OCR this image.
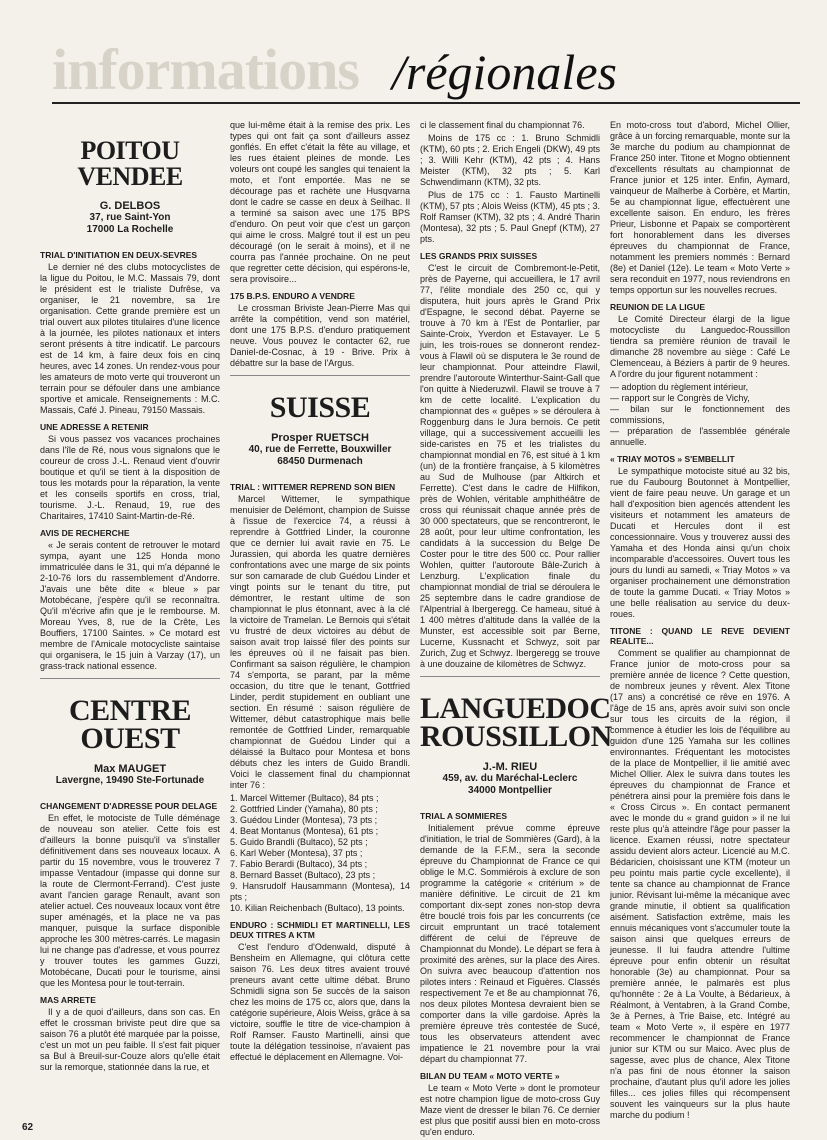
informations /régionales
POITOU
VENDEE
G. DELBOS
37, rue Saint-Yon
17000 La Rochelle
TRIAL D'INITIATION EN DEUX-SEVRES

Le dernier né des clubs motocyclistes de la ligue du Poitou, le M.C. Massais 79, dont le président est le trialiste Dufrêse, va organiser, le 21 novembre, sa 1re organisation. Cette grande première est un trial ouvert aux pilotes titulaires d'une licence à la journée, les pilotes nationaux et inters seront présents à titre indicatif. Le parcours est de 14 km, à faire deux fois en cinq heures, avec 14 zones. Un rendez-vous pour les amateurs de moto verte qui trouveront un terrain pour se défouler dans une ambiance sportive et amicale. Renseignements : M.C. Massais, Café J. Pineau, 79150 Massais.

UNE ADRESSE A RETENIR

Si vous passez vos vacances prochaines dans l'île de Ré, nous vous signalons que le coureur de cross J.-L. Renaud vient d'ouvrir boutique et qu'il se tient à la disposition de tous les motards pour la réparation, la vente et les conseils sportifs en cross, trial, tourisme. J.-L. Renaud, 19, rue des Charitaires, 17410 Saint-Martin-de-Ré.

AVIS DE RECHERCHE

« Je serais content de retrouver le motard sympa, ayant une 125 Honda mono immatriculée dans le 31, qui m'a dépanné le 2-10-76 lors du rassemblement d'Andorre. J'avais une bête dite « bleue » par Motobécane, j'espère qu'il se reconnaîtra. Qu'il m'écrive afin que je le rembourse. M. Moreau Yves, 8, rue de la Crête, Les Bouffiers, 17100 Saintes. » Ce motard est membre de l'Amicale motocycliste saintaise qui organisera, le 15 juin à Varzay (17), un grass-track national essence.

CENTRE
OUEST
Max MAUGET
Lavergne, 19490 Ste-Fortunade
CHANGEMENT D'ADRESSE POUR DELAGE

En effet, le motociste de Tulle déménage de nouveau son atelier. Cette fois est d'ailleurs la bonne puisqu'il va s'installer définitivement dans ses nouveaux locaux. A partir du 15 novembre, vous le trouverez 7 impasse Ventadour (impasse qui donne sur la route de Clermont-Ferrand). C'est juste avant l'ancien garage Renault, avant son atelier actuel. Ces nouveaux locaux vont être super aménagés, et la place ne va pas manquer, puisque la surface disponible approche les 300 mètres-carrés. Le magasin lui ne change pas d'adresse, et vous pourrez y trouver toutes les gammes Guzzi, Motobécane, Ducati pour le tourisme, ainsi que les Montesa pour le tout-terrain.

MAS ARRETE

Il y a de quoi d'ailleurs, dans son cas. En effet le crossman briviste peut dire que sa saison 76 a plutôt été marquée par la poisse, c'est un mot un peu faible. Il s'est fait piquer sa Bul à Breuil-sur-Couze alors qu'elle était sur la remorque, stationnée dans la rue, et

que lui-même était à la remise des prix. Les types qui ont fait ça sont d'ailleurs assez gonflés. En effet c'était la fête au village, et les rues étaient pleines de monde. Les voleurs ont coupé les sangles qui tenaient la moto, et l'ont emportée. Mas ne se décourage pas et rachète une Husqvarna dont le cadre se casse en deux à Seilhac. Il a terminé sa saison avec une 175 BPS d'enduro. On peut voir que c'est un garçon qui aime le cross. Malgré tout il est un peu découragé (on le serait à moins), et il ne courra pas l'année prochaine. On ne peut que regretter cette décision, qui espérons-le, sera provisoire...

175 B.P.S. ENDURO A VENDRE

Le crossman Briviste Jean-Pierre Mas qui arrête la compétition, vend son matériel, dont une 175 B.P.S. d'enduro pratiquement neuve. Vous pouvez le contacter 62, rue Daniel-de-Cosnac, à 19 - Brive. Prix à débattre sur la base de l'Argus.

SUISSE
Prosper RUETSCH
40, rue de Ferrette, Bouxwiller
68450 Durmenach
TRIAL : WITTEMER REPREND SON BIEN

Marcel Wittemer, le sympathique menuisier de Delémont, champion de Suisse à l'issue de l'exercice 74, a réussi à reprendre à Gottfried Linder, la couronne que ce dernier lui avait ravie en 75. Le Jurassien, qui aborda les quatre dernières confrontations avec une marge de six points sur son camarade de club Guédou Linder et vingt points sur le tenant du titre, put démontrer, le restant ultime de son championnat le plus étonnant, avec à la clé la victoire de Tramelan. Le Bernois qui s'était vu frustré de deux victoires au début de saison avait trop laissé filer des points sur les épreuves où il ne faisait pas bien. Confirmant sa saison régulière, le champion 74 s'emporta, se parant, par la même occasion, du titre que le tenant, Gottfried Linder, perdit stupidement en oubliant une section. En résumé : saison régulière de Wittemer, début catastrophique mais belle remontée de Gottfried Linder, remarquable championnat de Guédou Linder qui a délaissé la Bultaco pour Montesa et bons débuts chez les inters de Guido Brandli. Voici le classement final du championnat inter 76 :

1. Marcel Wittemer (Bultaco), 84 pts ;
2. Gottfried Linder (Yamaha), 80 pts ;
3. Guédou Linder (Montesa), 73 pts ;
4. Beat Montanus (Montesa), 61 pts ;
5. Guido Brandli (Bultaco), 52 pts ;
6. Karl Weber (Montesa), 37 pts ;
7. Fabio Berardi (Bultaco), 34 pts ;
8. Bernard Basset (Bultaco), 23 pts ;
9. Hansrudolf Hausammann (Montesa), 14 pts ;
10. Kilian Reichenbach (Bultaco), 13 points.
ENDURO : SCHMIDLI ET MARTINELLI, LES DEUX TITRES A KTM

C'est l'enduro d'Odenwald, disputé à Bensheim en Allemagne, qui clôtura cette saison 76. Les deux titres avaient trouvé preneurs avant cette ultime débat. Bruno Schmidli signa son 5e succès de la saison chez les moins de 175 cc, alors que, dans la catégorie supérieure, Alois Weiss, grâce à sa victoire, souffle le titre de vice-champion à Rolf Ramser. Fausto Martinelli, ainsi que toute la délégation tessinoise, n'avaient pas effectué le déplacement en Allemagne. Voi-

ci le classement final du championnat 76.

Moins de 175 cc : 1. Bruno Schmidli (KTM), 60 pts ; 2. Erich Engeli (DKW), 49 pts ; 3. Willi Kehr (KTM), 42 pts ; 4. Hans Meister (KTM), 32 pts ; 5. Karl Schwendimann (KTM), 32 pts.

Plus de 175 cc : 1. Fausto Martinelli (KTM), 57 pts ; Alois Weiss (KTM), 45 pts ; 3. Rolf Ramser (KTM), 32 pts ; 4. André Tharin (Montesa), 32 pts ; 5. Paul Gnepf (KTM), 27 pts.

LES GRANDS PRIX SUISSES

C'est le circuit de Combremont-le-Petit, près de Payerne, qui accueillera, le 17 avril 77, l'élite mondiale des 250 cc, qui y disputera, huit jours après le Grand Prix d'Espagne, le second débat. Payerne se trouve à 70 km à l'Est de Pontarlier, par Sainte-Croix, Yverdon et Estavayer. Le 5 juin, les trois-roues se donneront rendez-vous à Flawil où se disputera le 3e round de leur championnat. Pour atteindre Flawil, prendre l'autoroute Winterthur-Saint-Gall que l'on quitte à Niederuzwil. Flawil se trouve à 7 km de cette localité. L'explication du championnat des « guêpes » se déroulera à Roggenburg dans le Jura bernois. Ce petit village, qui a successivement accueilli les side-caristes en 75 et les trialistes du championnat mondial en 76, est situé à 1 km (un) de la frontière française, à 5 kilomètres au Sud de Mulhouse (par Altkirch et Ferrette). C'est dans le cadre de Hilfikon, près de Wohlen, véritable amphithéâtre de cross qui réunissait chaque année près de 30 000 spectateurs, que se rencontreront, le 28 août, pour leur ultime confrontation, les candidats à la succession du Belge De Coster pour le titre des 500 cc. Pour rallier Wohlen, quitter l'autoroute Bâle-Zurich à Lenzburg. L'explication finale du championnat mondial de trial se déroulera le 25 septembre dans le cadre grandiose de l'Alpentrial à Ibergeregg. Ce hameau, situé à 1 400 mètres d'altitude dans la vallée de la Munster, est accessible soit par Berne, Lucerne, Kussnacht et Schwyz, soit par Zurich, Zug et Schwyz. Ibergeregg se trouve à une douzaine de kilomètres de Schwyz.

LANGUEDOC
ROUSSILLON
J.-M. RIEU
459, av. du Maréchal-Leclerc
34000 Montpellier
TRIAL A SOMMIERES

Initialement prévue comme épreuve d'initiation, le trial de Sommières (Gard), à la demande de la F.F.M., sera la seconde épreuve du Championnat de France ce qui oblige le M.C. Sommiérois à exclure de son programme la catégorie « critérium » de manière définitive. Le circuit de 21 km comportant dix-sept zones non-stop devra être bouclé trois fois par les concurrents (ce circuit empruntant un tracé totalement différent de celui de l'épreuve de Championnat du Monde). Le départ se fera à proximité des arènes, sur la place des Aires. On suivra avec beaucoup d'attention nos pilotes inters : Reinaud et Figuères. Classés respectivement 7e et 8e au championnat 76, nos deux pilotes Montesa devraient bien se comporter dans la ville gardoise. Après la première épreuve très contestée de Sucé, tous les observateurs attendent avec impatience le 21 novembre pour la vrai départ du championnat 77.

BILAN DU TEAM « MOTO VERTE »

Le team « Moto Verte » dont le promoteur est notre champion ligue de moto-cross Guy Maze vient de dresser le bilan 76. Ce dernier est plus que positif aussi bien en moto-cross qu'en enduro.

En moto-cross tout d'abord, Michel Ollier, grâce à un forcing remarquable, monte sur la 3e marche du podium au championnat de France 250 inter. Titone et Mogno obtiennent d'excellents résultats au championnat de France junior et 125 inter. Enfin, Aymard, vainqueur de Malherbe à Corbère, et Martin, 5e au championnat ligue, effectuèrent une excellente saison. En enduro, les frères Prieur, Lisbonne et Papaix se comportèrent fort honorablement dans les diverses épreuves du championnat de France, notamment les premiers nommés : Bernard (8e) et Daniel (12e). Le team « Moto Verte » sera reconduit en 1977, nous reviendrons en temps opportun sur les nouvelles recrues.

REUNION DE LA LIGUE

Le Comité Directeur élargi de la ligue motocycliste du Languedoc-Roussillon tiendra sa première réunion de travail le dimanche 28 novembre au siège : Café Le Clemenceau, à Béziers à partir de 9 heures. A l'ordre du jour figurent notamment :

— adoption du règlement intérieur,
— rapport sur le Congrès de Vichy,
— bilan sur le fonctionnement des commissions,
— préparation de l'assemblée générale annuelle.
« TRIAY MOTOS » S'EMBELLIT

Le sympathique motociste situé au 32 bis, rue du Faubourg Boutonnet à Montpellier, vient de faire peau neuve. Un garage et un hall d'exposition bien agencés attendent les visiteurs et notamment les amateurs de Ducati et Hercules dont il est concessionnaire. Vous y trouverez aussi des Yamaha et des Honda ainsi qu'un choix incomparable d'accessoires. Ouvert tous les jours du lundi au samedi, « Triay Motos » va organiser prochainement une démonstration de toute la gamme Ducati. « Triay Motos » une belle réalisation au service du deux-roues.

TITONE : QUAND LE REVE DEVIENT REALITE...

Comment se qualifier au championnat de France junior de moto-cross pour sa première année de licence ? Cette question, de nombreux jeunes y rêvent. Alex Titone (17 ans) a concrétisé ce rêve en 1976. A l'âge de 15 ans, après avoir suivi son oncle sur tous les circuits de la région, il commence à étudier les lois de l'équilibre au guidon d'une 125 Yamaha sur les collines environnantes. Fréquentant les motocistes de la place de Montpellier, il lie amitié avec Michel Ollier. Alex le suivra dans toutes les épreuves du championnat de France et pénétrera ainsi pour la première fois dans le « Cross Circus ». En contact permanent avec le monde du « grand guidon » il ne lui reste plus qu'à atteindre l'âge pour passer la licence. Examen réussi, notre spectateur assidu devient alors acteur. Licencié au M.C. Bédaricien, choisissant une KTM (moteur un peu pointu mais partie cycle excellente), il tente sa chance au championnat de France junior. Révisant lui-même la mécanique avec grande minutie, il obtient sa qualification aisément. Satisfaction extrême, mais les ennuis mécaniques vont s'accumuler toute la saison ainsi que quelques erreurs de jeunesse. Il lui faudra attendre l'ultime épreuve pour enfin obtenir un résultat honorable (3e) au championnat. Pour sa première année, le palmarès est plus qu'honnête : 2e à La Voulte, à Bédarieux, à Réalmont, à Ventabren, à la Grand Combe, 3e à Pernes, à Trie Baise, etc. Intégré au team « Moto Verte », il espère en 1977 recommencer le championnat de France junior sur KTM ou sur Maico. Avec plus de sagesse, avec plus de chance, Alex Titone n'a pas fini de nous étonner la saison prochaine, d'autant plus qu'il adore les jolies filles... ces jolies filles qui récompensent souvent les vainqueurs sur la plus haute marche du podium !

62
